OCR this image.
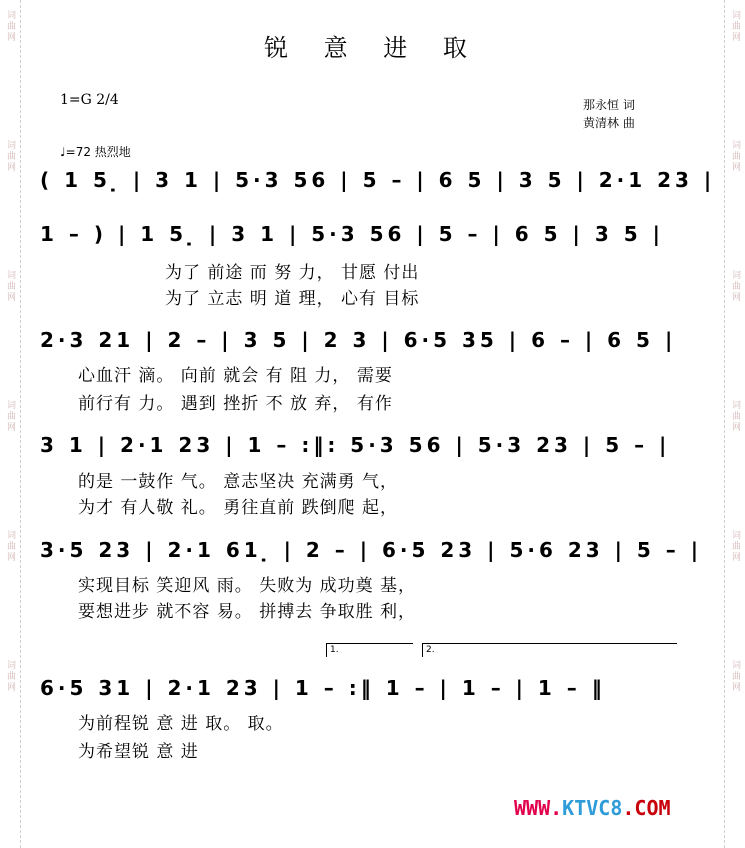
词曲网
词曲网
词曲网
词曲网
词曲网
词曲网
词曲网
词曲网
词曲网
词曲网
词曲网
词曲网
锐 意 进 取
1=G 2/4	那永恒 词
黄清林 曲
♩=72 热烈地
( 1 5 ̣ | 3 1 | 5·3 56 | 5 – | 6 5 | 3 5 | 2·1 23 |
1 – ) | 1 5 ̣ | 3 1 | 5·3 56 | 5 – | 6 5 | 3 5 |
为了 前途 而 努 力， 甘愿 付出
为了 立志 明 道 理， 心有 目标
2·3 21 | 2 – | 3 5 | 2 3 | 6·5 35 | 6 – | 6 5 |
心血汗 滴。 向前 就会 有 阻 力， 需要
前行有 力。 遇到 挫折 不 放 弃， 有作
3 1 | 2·1 23 | 1 – :‖: 5·3 56 | 5·3 23 | 5 – |
的是 一鼓作 气。 意志坚决 充满勇 气，
为才 有人敬 礼。 勇往直前 跌倒爬 起，
3·5 23 | 2·1 61 ̣ | 2 – | 6·5 23 | 5·6 23 | 5 – |
实现目标 笑迎风 雨。 失败为 成功奠 基，
要想进步 就不容 易。 拼搏去 争取胜 利，
1.	2.
6·5 31 | 2·1 23 | 1 – :‖ 1 – | 1 – | 1 – ‖
为前程锐 意 进 取。 取。
为希望锐 意 进
WWW.KTVC8.COM
